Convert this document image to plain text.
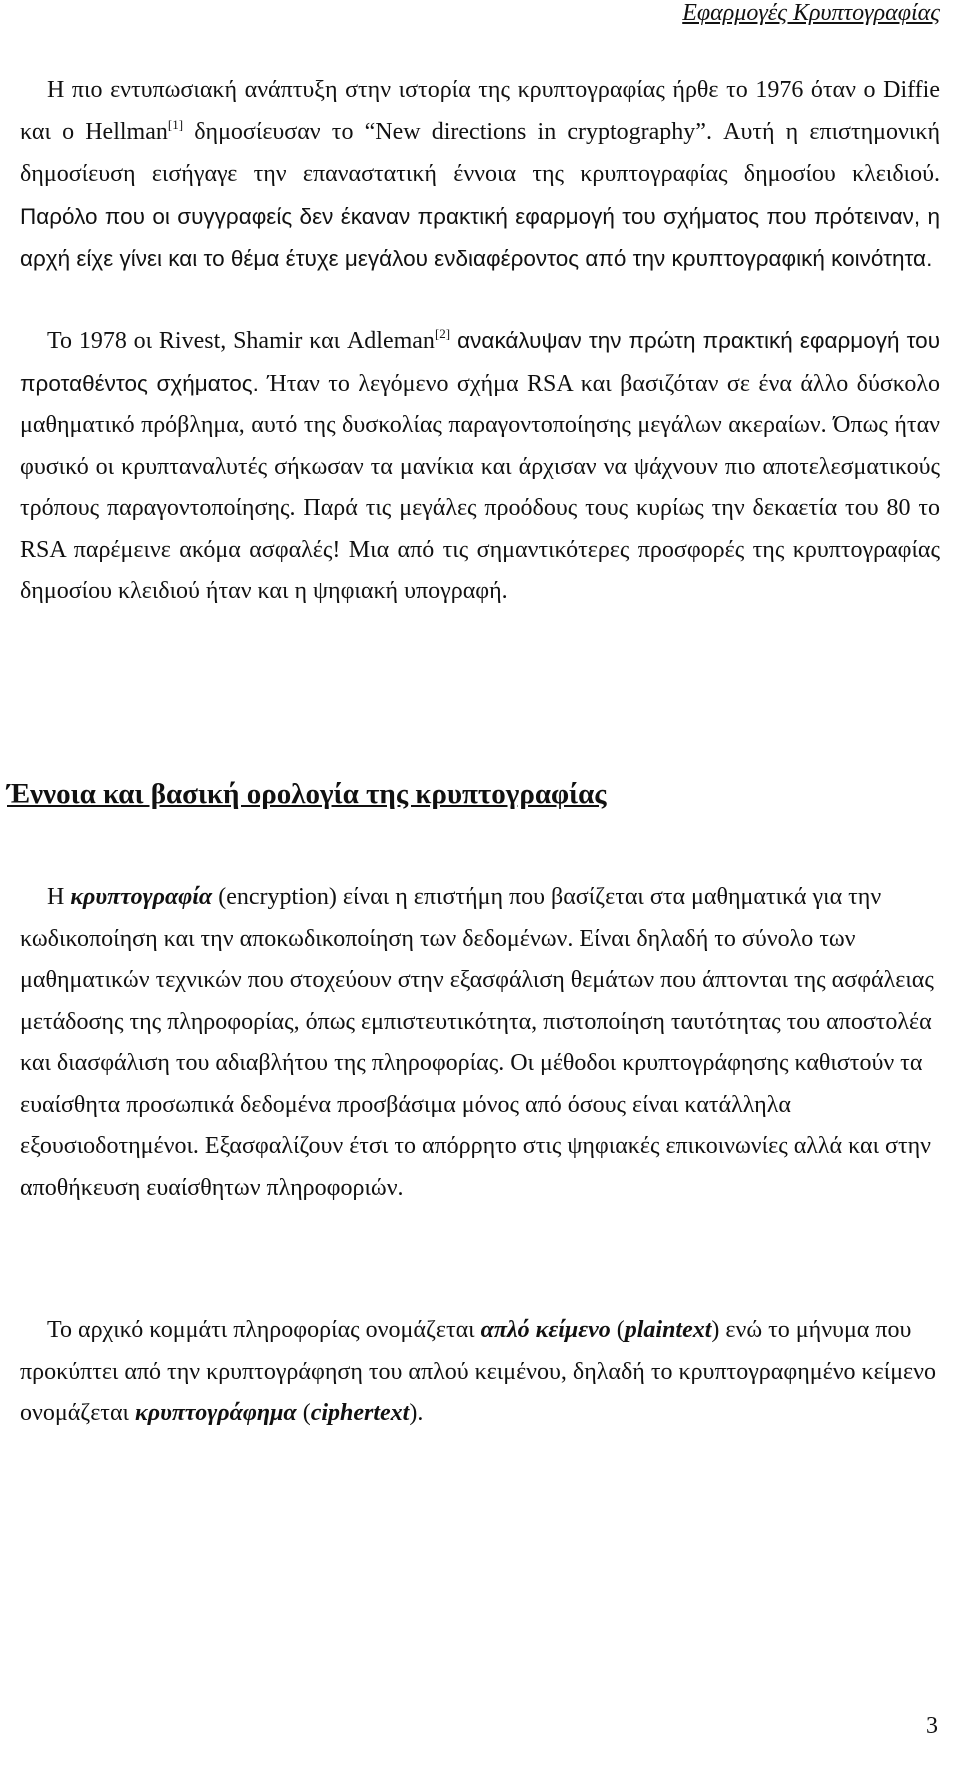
Εφαρμογές Κρυπτογραφίας

Η πιο εντυπωσιακή ανάπτυξη στην ιστορία της κρυπτογραφίας ήρθε το 1976 όταν ο Diffie και ο Hellman[1] δημοσίευσαν το “New directions in cryptography”. Αυτή η επιστημονική δημοσίευση εισήγαγε την επαναστατική έννοια της κρυπτογραφίας δημοσίου κλειδιού. Παρόλο που οι συγγραφείς δεν έκαναν πρακτική εφαρμογή του σχήματος που πρότειναν, η αρχή είχε γίνει και το θέμα έτυχε μεγάλου ενδιαφέροντος από την κρυπτογραφική κοινότητα.

Το 1978 οι Rivest, Shamir και Adleman[2] ανακάλυψαν την πρώτη πρακτική εφαρμογή του προταθέντος σχήματος. Ήταν το λεγόμενο σχήμα RSA και βασιζόταν σε ένα άλλο δύσκολο μαθηματικό πρόβλημα, αυτό της δυσκολίας παραγοντοποίησης μεγάλων ακεραίων. Όπως ήταν φυσικό οι κρυπταναλυτές σήκωσαν τα μανίκια και άρχισαν να ψάχνουν πιο αποτελεσματικούς τρόπους παραγοντοποίησης. Παρά τις μεγάλες προόδους τους κυρίως την δεκαετία του 80 το RSA παρέμεινε ακόμα ασφαλές! Μια από τις σημαντικότερες προσφορές της κρυπτογραφίας δημοσίου κλειδιού ήταν και η ψηφιακή υπογραφή.

Έννοια και βασική ορολογία της κρυπτογραφίας

Η κρυπτογραφία (encryption) είναι η επιστήμη που βασίζεται στα μαθηματικά για την κωδικοποίηση και την αποκωδικοποίηση των δεδομένων. Είναι δηλαδή το σύνολο των μαθηματικών τεχνικών που στοχεύουν στην εξασφάλιση θεμάτων που άπτονται της ασφάλειας μετάδοσης της πληροφορίας, όπως εμπιστευτικότητα, πιστοποίηση ταυτότητας του αποστολέα και διασφάλιση του αδιαβλήτου της πληροφορίας. Οι μέθοδοι κρυπτογράφησης καθιστούν τα ευαίσθητα προσωπικά δεδομένα προσβάσιμα μόνος από όσους είναι κατάλληλα εξουσιοδοτημένοι. Εξασφαλίζουν έτσι το απόρρητο στις ψηφιακές επικοινωνίες αλλά και στην αποθήκευση ευαίσθητων πληροφοριών.

Το αρχικό κομμάτι πληροφορίας ονομάζεται απλό κείμενο (plaintext) ενώ το μήνυμα που προκύπτει από την κρυπτογράφηση του απλού κειμένου, δηλαδή το κρυπτογραφημένο κείμενο ονομάζεται κρυπτογράφημα (ciphertext).

3
